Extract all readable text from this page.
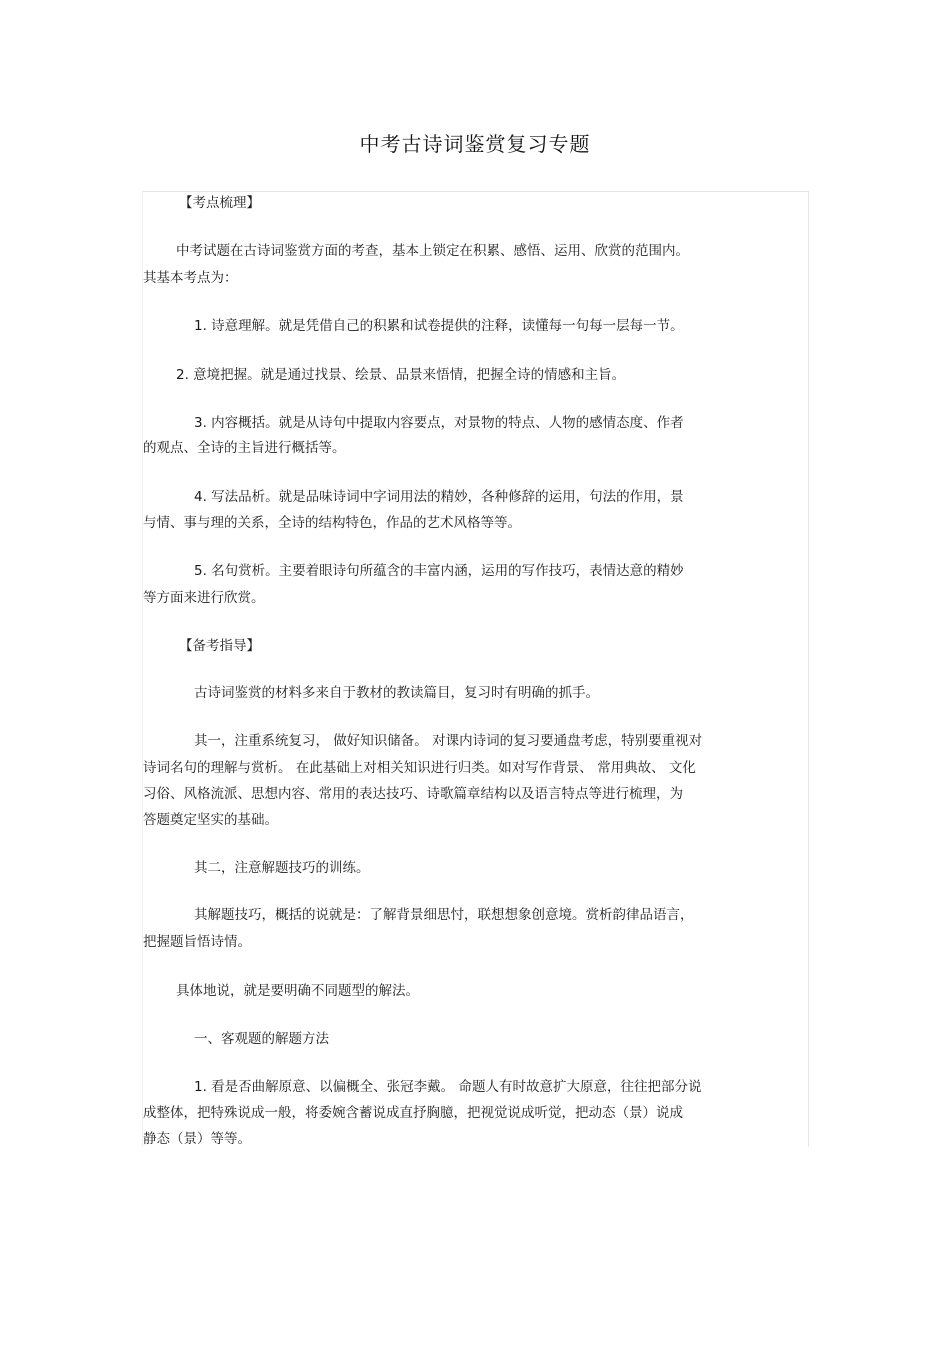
中考古诗词鉴赏复习专题
【考点梳理】
中考试题在古诗词鉴赏方面的考查，基本上锁定在积累、感悟、运用、欣赏的范围内。
其基本考点为：
1. 诗意理解。就是凭借自己的积累和试卷提供的注释，读懂每一句每一层每一节。
2. 意境把握。就是通过找景、绘景、品景来悟情，把握全诗的情感和主旨。
3. 内容概括。就是从诗句中提取内容要点，对景物的特点、人物的感情态度、作者
的观点、全诗的主旨进行概括等。
4. 写法品析。就是品味诗词中字词用法的精妙，各种修辞的运用，句法的作用，景
与情、事与理的关系，全诗的结构特色，作品的艺术风格等等。
5. 名句赏析。主要着眼诗句所蕴含的丰富内涵，运用的写作技巧，表情达意的精妙
等方面来进行欣赏。
【备考指导】
古诗词鉴赏的材料多来自于教材的教读篇目，复习时有明确的抓手。
其一，注重系统复习， 做好知识储备。 对课内诗词的复习要通盘考虑，特别要重视对
诗词名句的理解与赏析。 在此基础上对相关知识进行归类。如对写作背景、 常用典故、 文化
习俗、风格流派、思想内容、常用的表达技巧、诗歌篇章结构以及语言特点等进行梳理，为
答题奠定坚实的基础。
其二，注意解题技巧的训练。
其解题技巧，概括的说就是：了解背景细思忖，联想想象创意境。赏析韵律品语言，
把握题旨悟诗情。
具体地说，就是要明确不同题型的解法。
一、客观题的解题方法
1. 看是否曲解原意、以偏概全、张冠李戴。 命题人有时故意扩大原意，往往把部分说
成整体，把特殊说成一般，将委婉含蓄说成直抒胸臆，把视觉说成听觉，把动态（景）说成
静态（景）等等。
